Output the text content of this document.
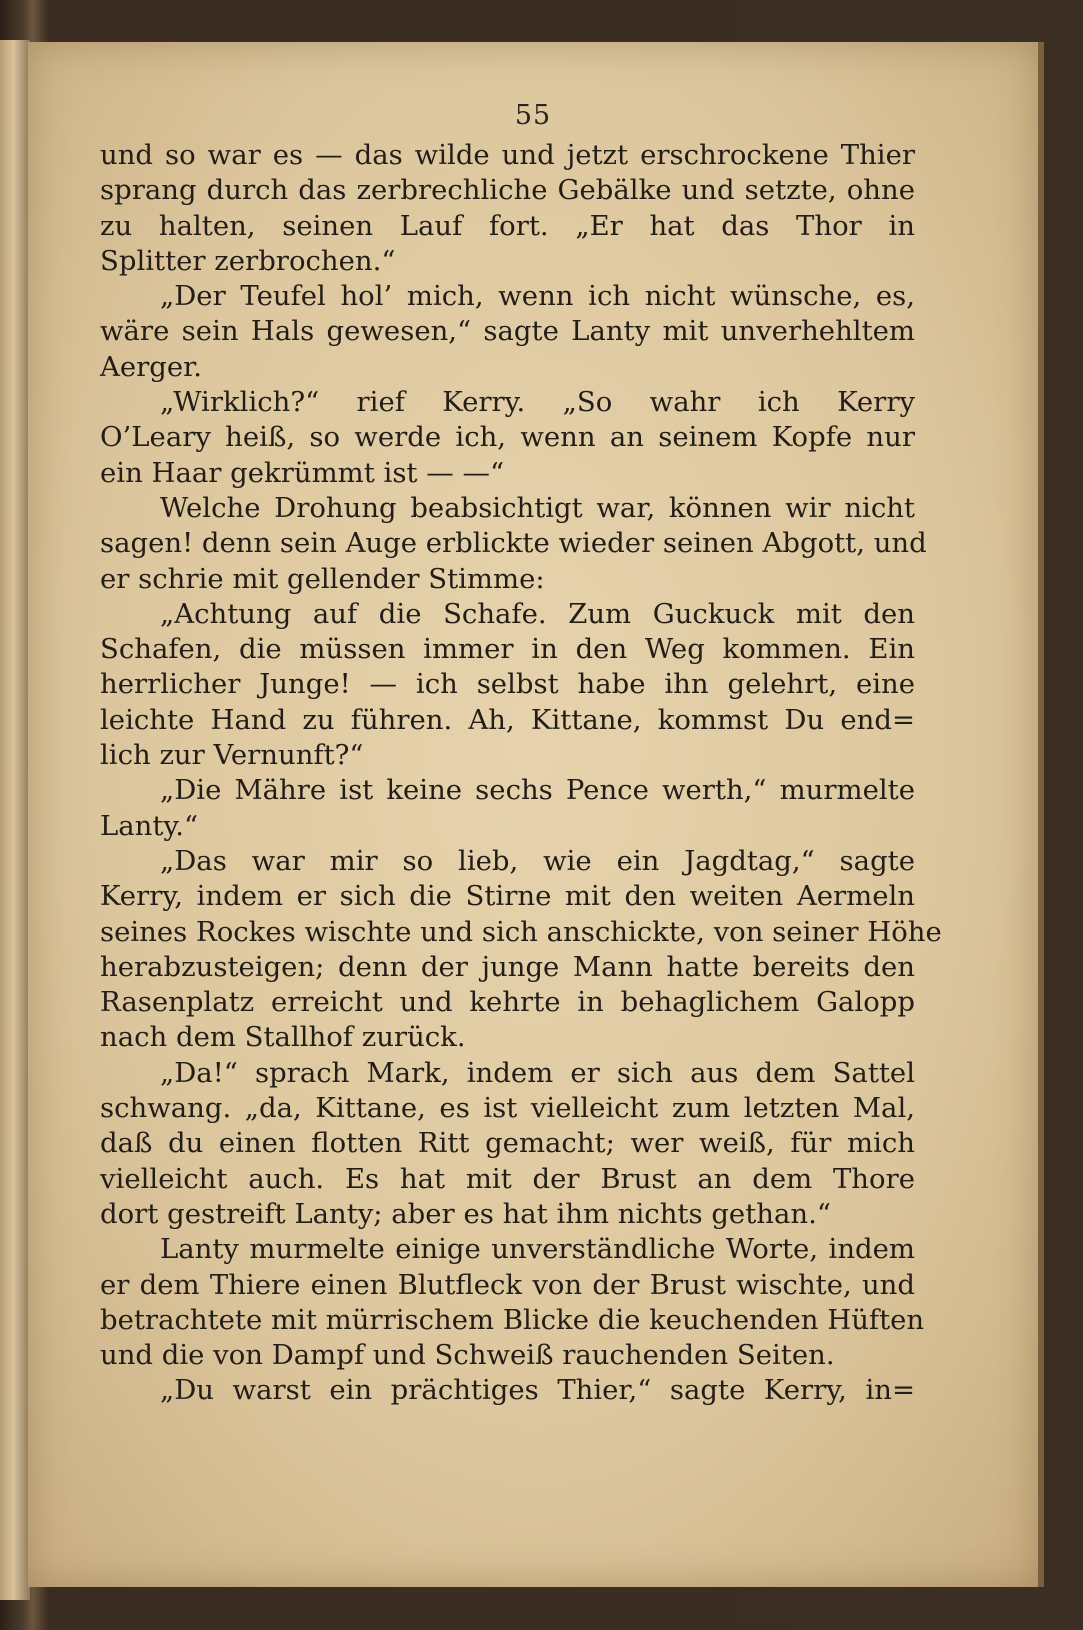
55
und so war es — das wilde und jetzt erschrockene Thier
sprang durch das zerbrechliche Gebälke und setzte, ohne
zu halten, seinen Lauf fort. „Er hat das Thor in
Splitter zerbrochen.“
„Der Teufel hol’ mich, wenn ich nicht wünsche, es,
wäre sein Hals gewesen,“ sagte Lanty mit unverhehltem
Aerger.
„Wirklich?“ rief Kerry. „So wahr ich Kerry
O’Leary heiß, so werde ich, wenn an seinem Kopfe nur
ein Haar gekrümmt ist — —“
Welche Drohung beabsichtigt war, können wir nicht
sagen! denn sein Auge erblickte wieder seinen Abgott, und
er schrie mit gellender Stimme:
„Achtung auf die Schafe. Zum Guckuck mit den
Schafen, die müssen immer in den Weg kommen. Ein
herrlicher Junge! — ich selbst habe ihn gelehrt, eine
leichte Hand zu führen. Ah, Kittane, kommst Du end=
lich zur Vernunft?“
„Die Mähre ist keine sechs Pence werth,“ murmelte
Lanty.“
„Das war mir so lieb, wie ein Jagdtag,“ sagte
Kerry, indem er sich die Stirne mit den weiten Aermeln
seines Rockes wischte und sich anschickte, von seiner Höhe
herabzusteigen; denn der junge Mann hatte bereits den
Rasenplatz erreicht und kehrte in behaglichem Galopp
nach dem Stallhof zurück.
„Da!“ sprach Mark, indem er sich aus dem Sattel
schwang. „da, Kittane, es ist vielleicht zum letzten Mal,
daß du einen flotten Ritt gemacht; wer weiß, für mich
vielleicht auch. Es hat mit der Brust an dem Thore
dort gestreift Lanty; aber es hat ihm nichts gethan.“
Lanty murmelte einige unverständliche Worte, indem
er dem Thiere einen Blutfleck von der Brust wischte, und
betrachtete mit mürrischem Blicke die keuchenden Hüften
und die von Dampf und Schweiß rauchenden Seiten.
„Du warst ein prächtiges Thier,“ sagte Kerry, in=
